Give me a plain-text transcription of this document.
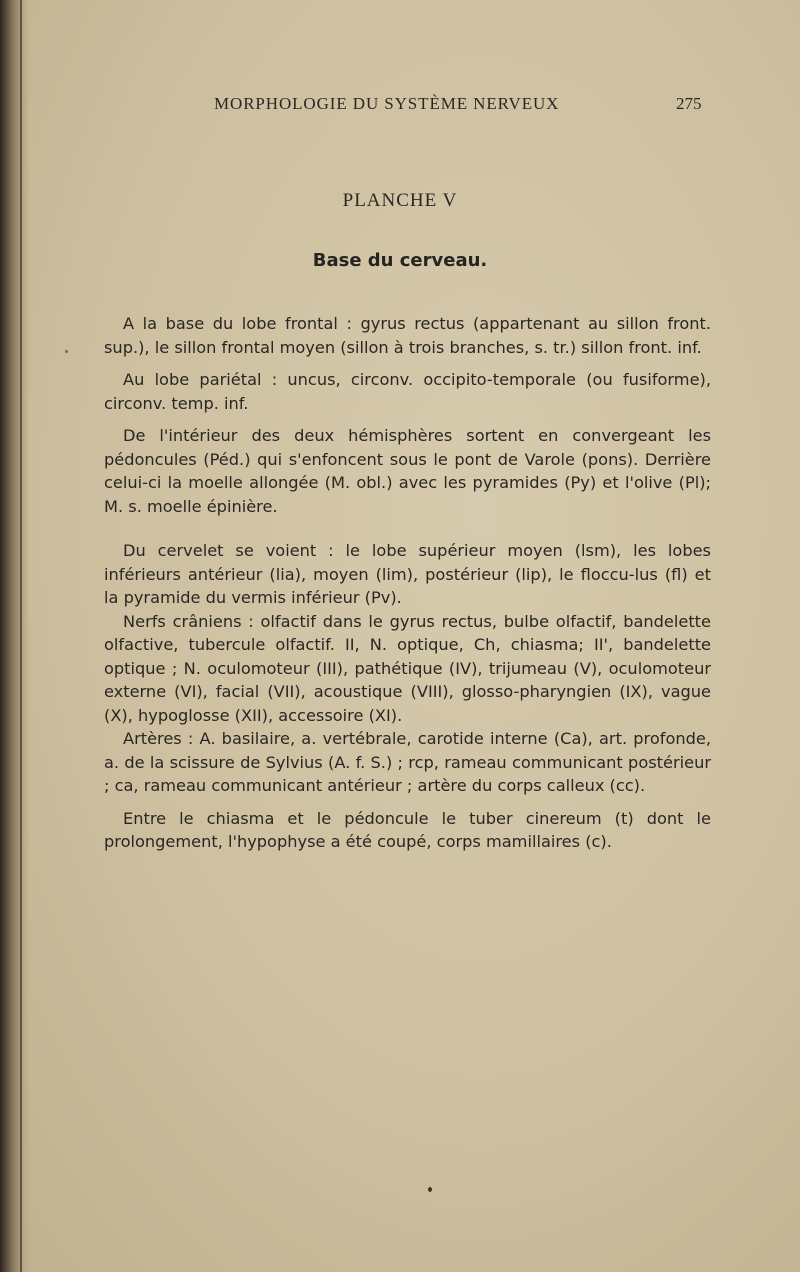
MORPHOLOGIE DU SYSTÈME NERVEUX	275
PLANCHE V
Base du cerveau.

A la base du lobe frontal : gyrus rectus (appartenant au sillon front. sup.), le sillon frontal moyen (sillon à trois branches, s. tr.) sillon front. inf.

Au lobe pariétal : uncus, circonv. occipito-temporale (ou fusiforme), circonv. temp. inf.

De l'intérieur des deux hémisphères sortent en convergeant les pédoncules (Péd.) qui s'enfoncent sous le pont de Varole (pons). Derrière celui-ci la moelle allongée (M. obl.) avec les pyramides (Py) et l'olive (Pl); M. s. moelle épinière.

Du cervelet se voient : le lobe supérieur moyen (lsm), les lobes inférieurs antérieur (lia), moyen (lim), postérieur (lip), le floccu-lus (fl) et la pyramide du vermis inférieur (Pv).

Nerfs crâniens : olfactif dans le gyrus rectus, bulbe olfactif, bandelette olfactive, tubercule olfactif. II, N. optique, Ch, chiasma; II', bandelette optique ; N. oculomoteur (III), pathétique (IV), trijumeau (V), oculomoteur externe (VI), facial (VII), acoustique (VIII), glosso-pharyngien (IX), vague (X), hypoglosse (XII), accessoire (XI).

Artères : A. basilaire, a. vertébrale, carotide interne (Ca), art. profonde, a. de la scissure de Sylvius (A. f. S.) ; rcp, rameau communicant postérieur ; ca, rameau communicant antérieur ; artère du corps calleux (cc).

Entre le chiasma et le pédoncule le tuber cinereum (t) dont le prolongement, l'hypophyse a été coupé, corps mamillaires (c).
